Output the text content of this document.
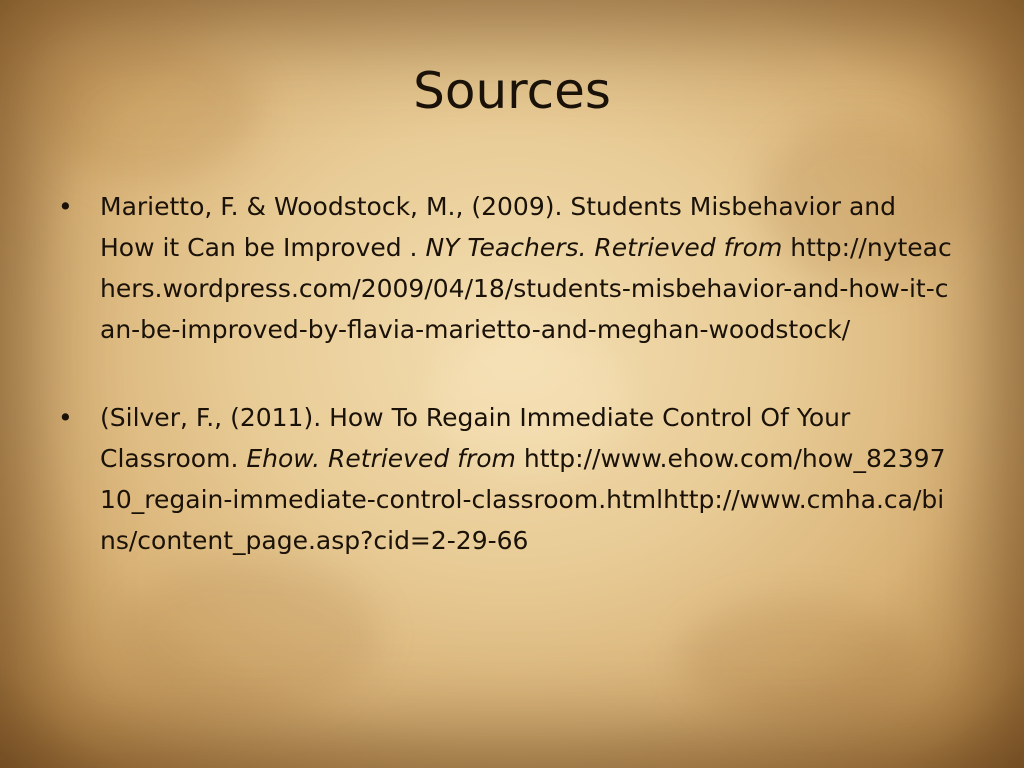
Sources
• Marietto, F. & Woodstock, M., (2009). Students Misbehavior and How it Can be Improved . NY Teachers. Retrieved from http://nyteachers.wordpress.com/2009/04/18/students-misbehavior-and-how-it-can-be-improved-by-flavia-marietto-and-meghan-woodstock/
• (Silver, F., (2011). How To Regain Immediate Control Of Your Classroom. Ehow. Retrieved from http://www.ehow.com/how_8239710_regain-immediate-control-classroom.htmlhttp://www.cmha.ca/bins/content_page.asp?cid=2-29-66
